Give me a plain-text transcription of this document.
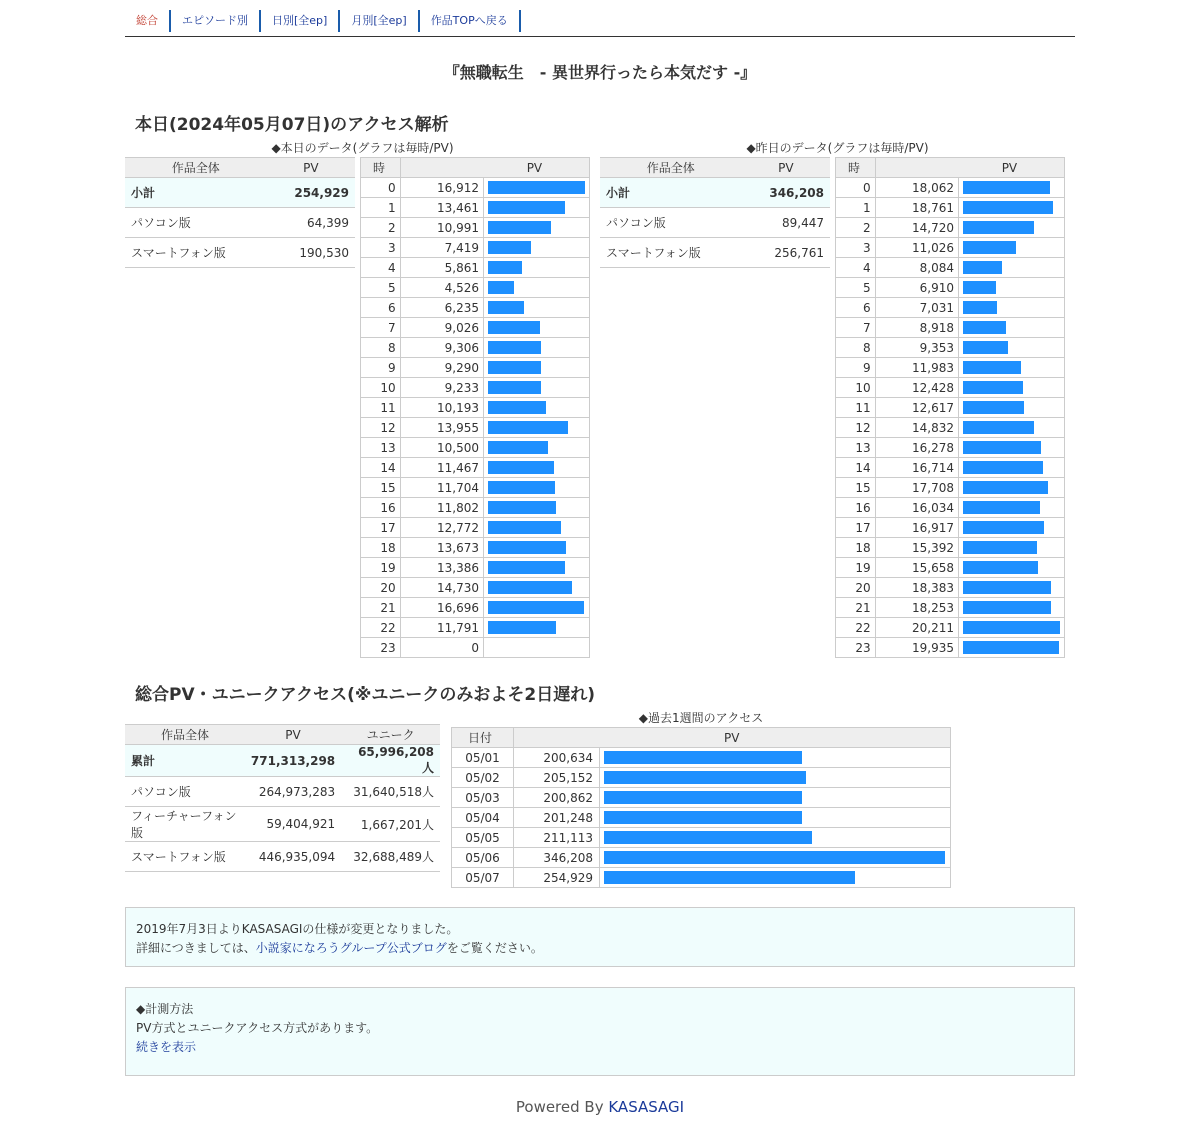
総合	エピソード別	日別[全ep]	月別[全ep]	作品TOPへ戻る
『無職転生　- 異世界行ったら本気だす -』
本日(2024年05月07日)のアクセス解析
◆本日のデータ(グラフは毎時/PV)	◆昨日のデータ(グラフは毎時/PV)
作品全体	PV
小計	254,929
パソコン版	64,399
スマートフォン版	190,530
時	PV	
0	16,912	

1	13,461	

2	10,991	

3	7,419	

4	5,861	

5	4,526	

6	6,235	

7	9,026	

8	9,306	

9	9,290	

10	9,233	

11	10,193	

12	13,955	

13	10,500	

14	11,467	

15	11,704	

16	11,802	

17	12,772	

18	13,673	

19	13,386	

20	14,730	

21	16,696	

22	11,791	

23	0	
作品全体	PV
小計	346,208
パソコン版	89,447
スマートフォン版	256,761
時	PV	
0	18,062	

1	18,761	

2	14,720	

3	11,026	

4	8,084	

5	6,910	

6	7,031	

7	8,918	

8	9,353	

9	11,983	

10	12,428	

11	12,617	

12	14,832	

13	16,278	

14	16,714	

15	17,708	

16	16,034	

17	16,917	

18	15,392	

19	15,658	

20	18,383	

21	18,253	

22	20,211	

23	19,935	
総合PV・ユニークアクセス(※ユニークのみおよそ2日遅れ)
作品全体	PV	ユニーク
累計	771,313,298	65,996,208人
パソコン版	264,973,283	31,640,518人
フィーチャーフォン版	59,404,921	1,667,201人
スマートフォン版	446,935,094	32,688,489人
◆過去1週間のアクセス
日付	PV	
05/01	200,634	

05/02	205,152	

05/03	200,862	

05/04	201,248	

05/05	211,113	

05/06	346,208	

05/07	254,929	
2019年7月3日よりKASASAGIの仕様が変更となりました。
詳細につきましては、小説家になろうグループ公式ブログをご覧ください。
◆計測方法
PV方式とユニークアクセス方式があります。
続きを表示
Powered By KASASAGI
